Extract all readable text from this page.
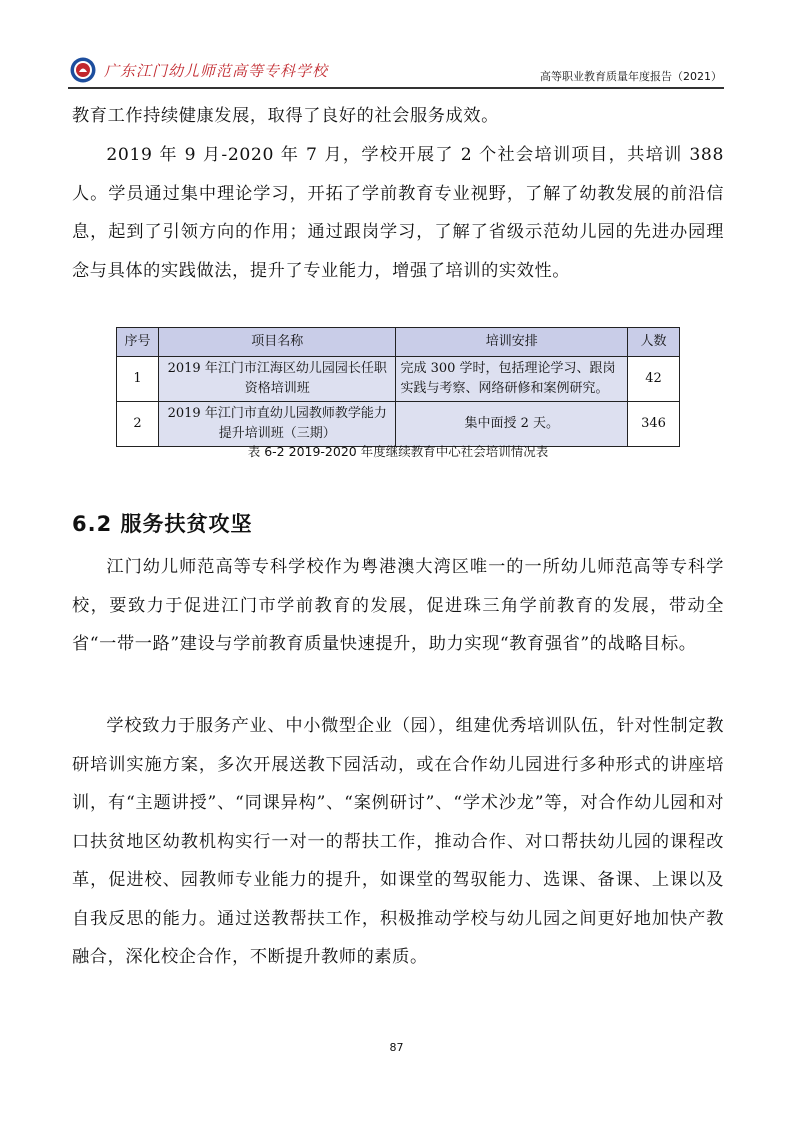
广东江门幼儿师范高等专科学校	高等职业教育质量年度报告（2021）

教育工作持续健康发展，取得了良好的社会服务成效。

2019 年 9 月-2020 年 7 月，学校开展了 2 个社会培训项目，共培训 388 人。学员通过集中理论学习，开拓了学前教育专业视野，了解了幼教发展的前沿信息，起到了引领方向的作用；通过跟岗学习，了解了省级示范幼儿园的先进办园理念与具体的实践做法，提升了专业能力，增强了培训的实效性。

序号	项目名称	培训安排	人数
1	2019 年江门市江海区幼儿园园长任职资格培训班	完成 300 学时，包括理论学习、跟岗实践与考察、网络研修和案例研究。	42
2	2019 年江门市直幼儿园教师教学能力提升培训班（三期）	集中面授 2 天。	346
表 6-2 2019-2020 年度继续教育中心社会培训情况表
6.2 服务扶贫攻坚

江门幼儿师范高等专科学校作为粤港澳大湾区唯一的一所幼儿师范高等专科学校，要致力于促进江门市学前教育的发展，促进珠三角学前教育的发展，带动全省“一带一路”建设与学前教育质量快速提升，助力实现“教育强省”的战略目标。

学校致力于服务产业、中小微型企业（园），组建优秀培训队伍，针对性制定教研培训实施方案，多次开展送教下园活动，或在合作幼儿园进行多种形式的讲座培训，有“主题讲授”、“同课异构”、“案例研讨”、“学术沙龙”等，对合作幼儿园和对口扶贫地区幼教机构实行一对一的帮扶工作，推动合作、对口帮扶幼儿园的课程改革，促进校、园教师专业能力的提升，如课堂的驾驭能力、选课、备课、上课以及自我反思的能力。通过送教帮扶工作，积极推动学校与幼儿园之间更好地加快产教融合，深化校企合作，不断提升教师的素质。

87
